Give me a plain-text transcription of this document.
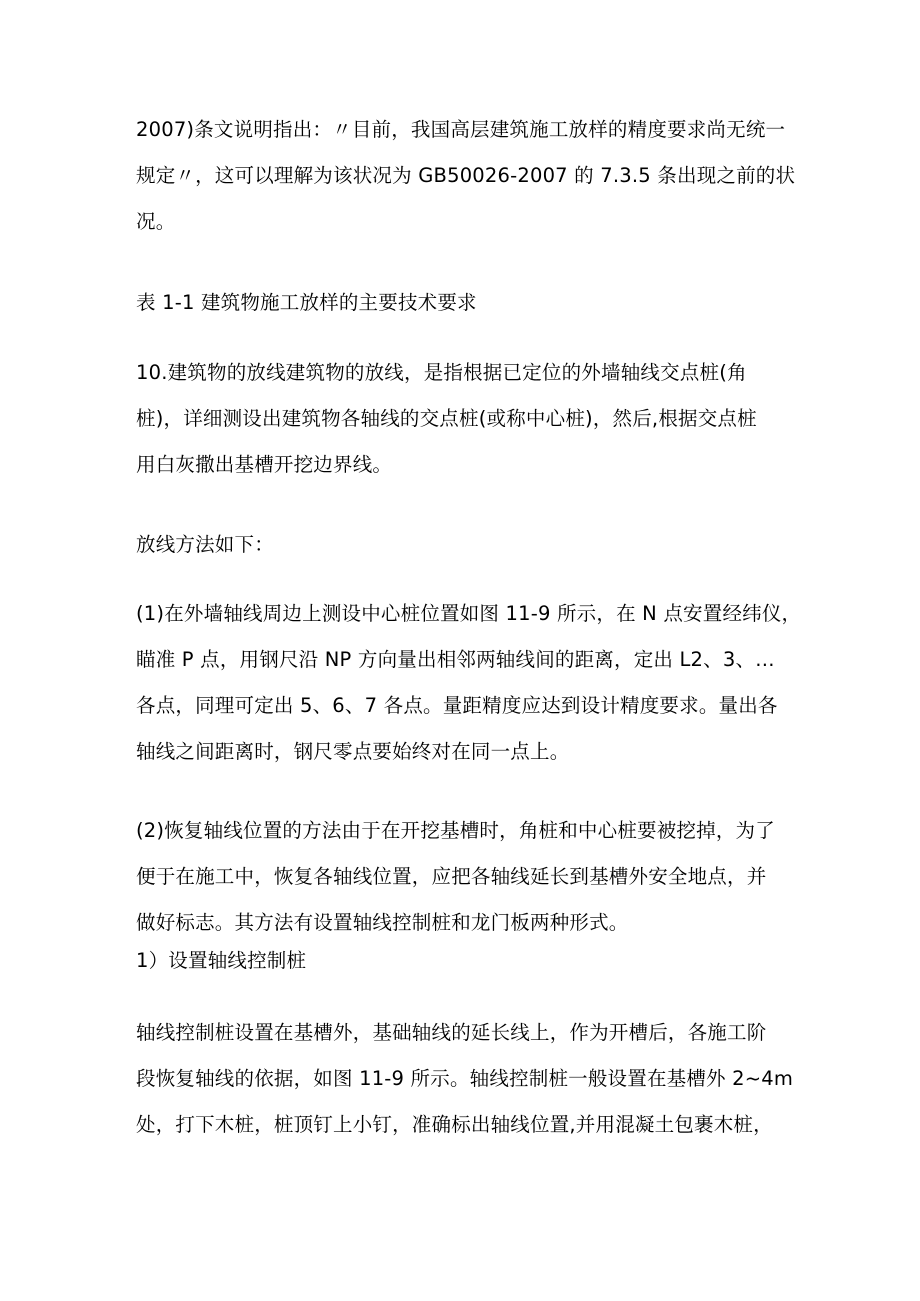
2007)条文说明指出：〃目前，我国高层建筑施工放样的精度要求尚无统一
规定〃，这可以理解为该状况为 GB50026-2007 的 7.3.5 条出现之前的状
况。
表 1-1 建筑物施工放样的主要技术要求
10.建筑物的放线建筑物的放线，是指根据已定位的外墙轴线交点桩(角
桩)，详细测设出建筑物各轴线的交点桩(或称中心桩)，然后,根据交点桩
用白灰撒出基槽开挖边界线。
放线方法如下：
(1)在外墙轴线周边上测设中心桩位置如图 11-9 所示，在 N 点安置经纬仪，
瞄准 P 点，用钢尺沿 NP 方向量出相邻两轴线间的距离，定出 L2、3、…
各点，同理可定出 5、6、7 各点。量距精度应达到设计精度要求。量出各
轴线之间距离时，钢尺零点要始终对在同一点上。
(2)恢复轴线位置的方法由于在开挖基槽时，角桩和中心桩要被挖掉，为了
便于在施工中，恢复各轴线位置，应把各轴线延长到基槽外安全地点，并
做好标志。其方法有设置轴线控制桩和龙门板两种形式。
1）设置轴线控制桩
轴线控制桩设置在基槽外，基础轴线的延长线上，作为开槽后，各施工阶
段恢复轴线的依据，如图 11-9 所示。轴线控制桩一般设置在基槽外 2~4m
处，打下木桩，桩顶钉上小钉，准确标出轴线位置,并用混凝土包裹木桩，
